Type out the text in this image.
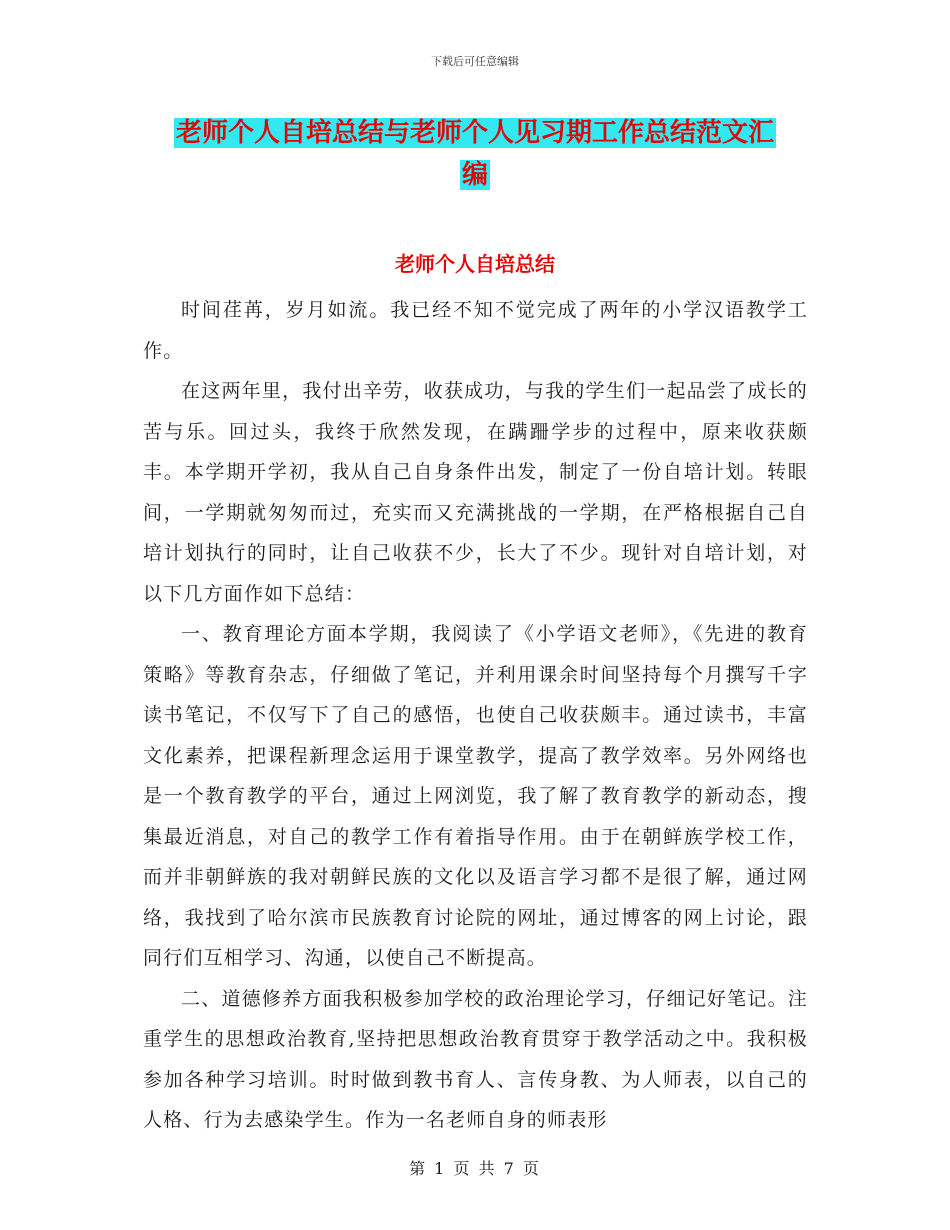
下载后可任意编辑
老师个人自培总结与老师个人见习期工作总结范文汇
编
老师个人自培总结

时间荏苒，岁月如流。我已经不知不觉完成了两年的小学汉语教学工作。

在这两年里，我付出辛劳，收获成功，与我的学生们一起品尝了成长的苦与乐。回过头，我终于欣然发现，在蹒跚学步的过程中，原来收获颇丰。本学期开学初，我从自己自身条件出发，制定了一份自培计划。转眼间，一学期就匆匆而过，充实而又充满挑战的一学期，在严格根据自己自培计划执行的同时，让自己收获不少，长大了不少。现针对自培计划，对以下几方面作如下总结：

一、教育理论方面本学期，我阅读了《小学语文老师》，《先进的教育策略》等教育杂志，仔细做了笔记，并利用课余时间坚持每个月撰写千字读书笔记，不仅写下了自己的感悟，也使自己收获颇丰。通过读书，丰富文化素养，把课程新理念运用于课堂教学，提高了教学效率。另外网络也是一个教育教学的平台，通过上网浏览，我了解了教育教学的新动态，搜集最近消息，对自己的教学工作有着指导作用。由于在朝鲜族学校工作，而并非朝鲜族的我对朝鲜民族的文化以及语言学习都不是很了解，通过网络，我找到了哈尔滨市民族教育讨论院的网址，通过博客的网上讨论，跟同行们互相学习、沟通，以使自己不断提高。

二、道德修养方面我积极参加学校的政治理论学习，仔细记好笔记。注重学生的思想政治教育,坚持把思想政治教育贯穿于教学活动之中。我积极参加各种学习培训。时时做到教书育人、言传身教、为人师表，以自己的人格、行为去感染学生。作为一名老师自身的师表形

第 1 页 共 7 页
